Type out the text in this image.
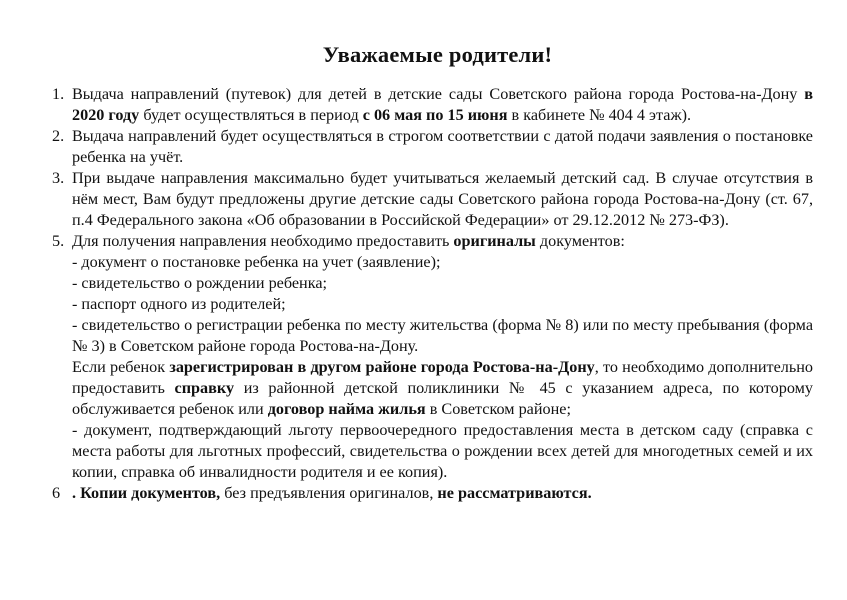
Уважаемые родители!
1. Выдача направлений (путевок) для детей в детские сады Советского района города Ростова-на-Дону в 2020 году будет осуществляться в период с 06 мая по 15 июня в кабинете № 404 4 этаж).

2. Выдача направлений будет осуществляться в строгом соответствии с датой подачи заявления о постановке ребенка на учёт.

3. При выдаче направления максимально будет учитываться желаемый детский сад. В случае отсутствия в нём мест, Вам будут предложены другие детские сады Советского района города Ростова-на-Дону (ст. 67, п.4 Федерального закона «Об образовании в Российской Федерации» от 29.12.2012 № 273-ФЗ).

5. Для получения направления необходимо предоставить оригиналы документов:

- документ о постановке ребенка на учет (заявление);

- свидетельство о рождении ребенка;

- паспорт одного из родителей;

- свидетельство о регистрации ребенка по месту жительства (форма № 8) или по месту пребывания (форма № 3) в Советском районе города Ростова-на-Дону.

Если ребенок зарегистрирован в другом районе города Ростова-на-Дону, то необходимо дополнительно предоставить справку из районной детской поликлиники № 45 с указанием адреса, по которому обслуживается ребенок или договор найма жилья в Советском районе;

- документ, подтверждающий льготу первоочередного предоставления места в детском саду (справка с места работы для льготных профессий, свидетельства о рождении всех детей для многодетных семей и их копии, справка об инвалидности родителя и ее копия).

6 . Копии документов, без предъявления оригиналов, не рассматриваются.
